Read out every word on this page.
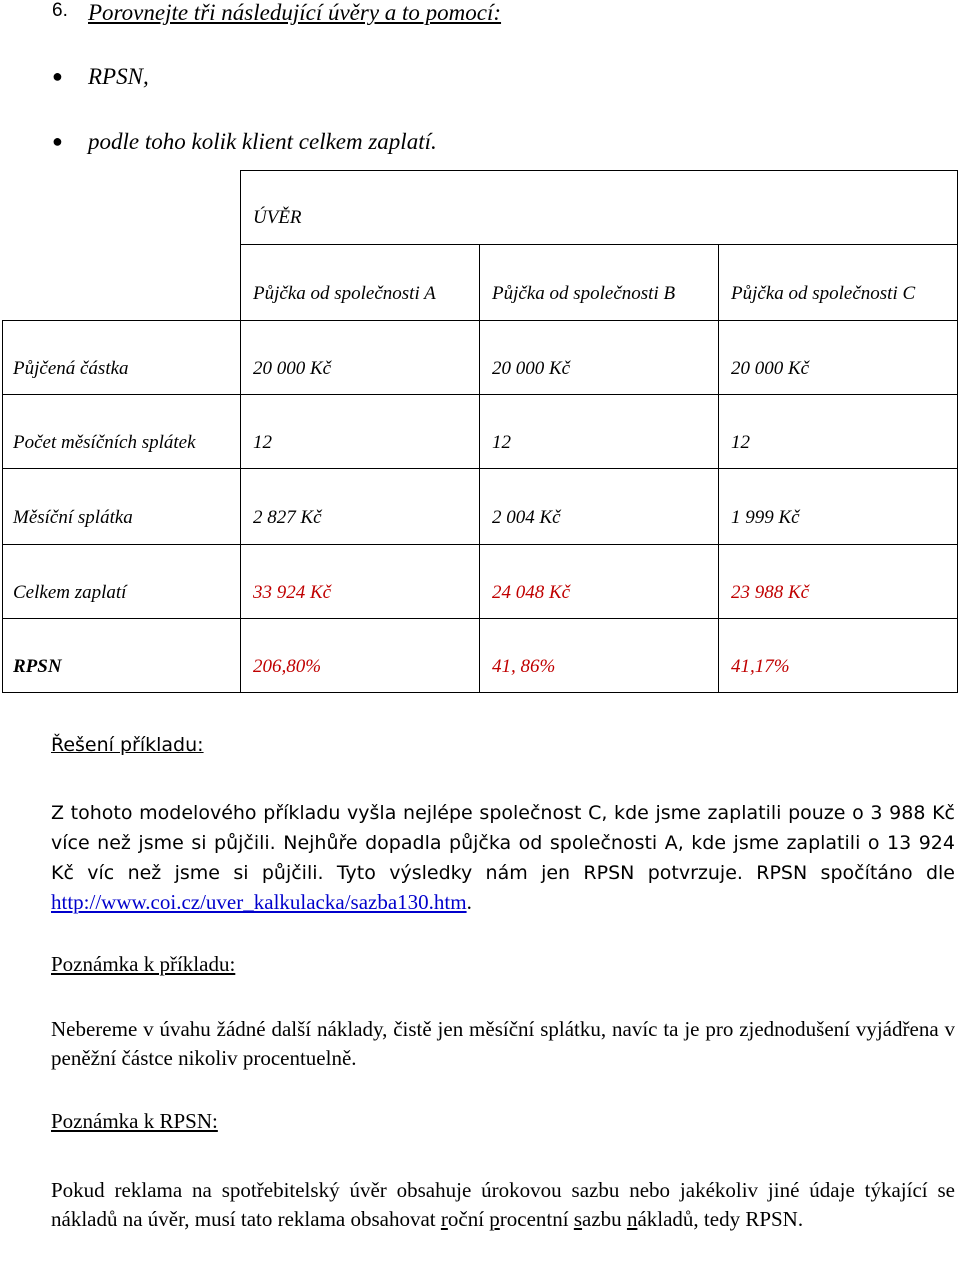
6. Porovnejte tři následující úvěry a to pomocí:
● RPSN,
● podle toho kolik klient celkem zaplatí.
ÚVĚR
Půjčka od společnosti A	Půjčka od společnosti B	Půjčka od společnosti C
Půjčená částka	20 000 Kč	20 000 Kč	20 000 Kč
Počet měsíčních splátek	12	12	12
Měsíční splátka	2 827 Kč	2 004 Kč	1 999 Kč
Celkem zaplatí	33 924 Kč	24 048 Kč	23 988 Kč
RPSN	206,80%	41, 86%	41,17%
Řešení příkladu:
Z tohoto modelového příkladu vyšla nejlépe společnost C, kde jsme zaplatili pouze o 3 988 Kč více než jsme si půjčili. Nejhůře dopadla půjčka od společnosti A, kde jsme zaplatili o 13 924 Kč víc než jsme si půjčili. Tyto výsledky nám jen RPSN potvrzuje. RPSN spočítáno dle http://www.coi.cz/uver_kalkulacka/sazba130.htm.
Poznámka k příkladu:
Nebereme v úvahu žádné další náklady, čistě jen měsíční splátku, navíc ta je pro zjednodušení vyjádřena v peněžní částce nikoliv procentuelně.
Poznámka k RPSN:
Pokud reklama na spotřebitelský úvěr obsahuje úrokovou sazbu nebo jakékoliv jiné údaje týkající se nákladů na úvěr, musí tato reklama obsahovat roční procentní sazbu nákladů, tedy RPSN.
